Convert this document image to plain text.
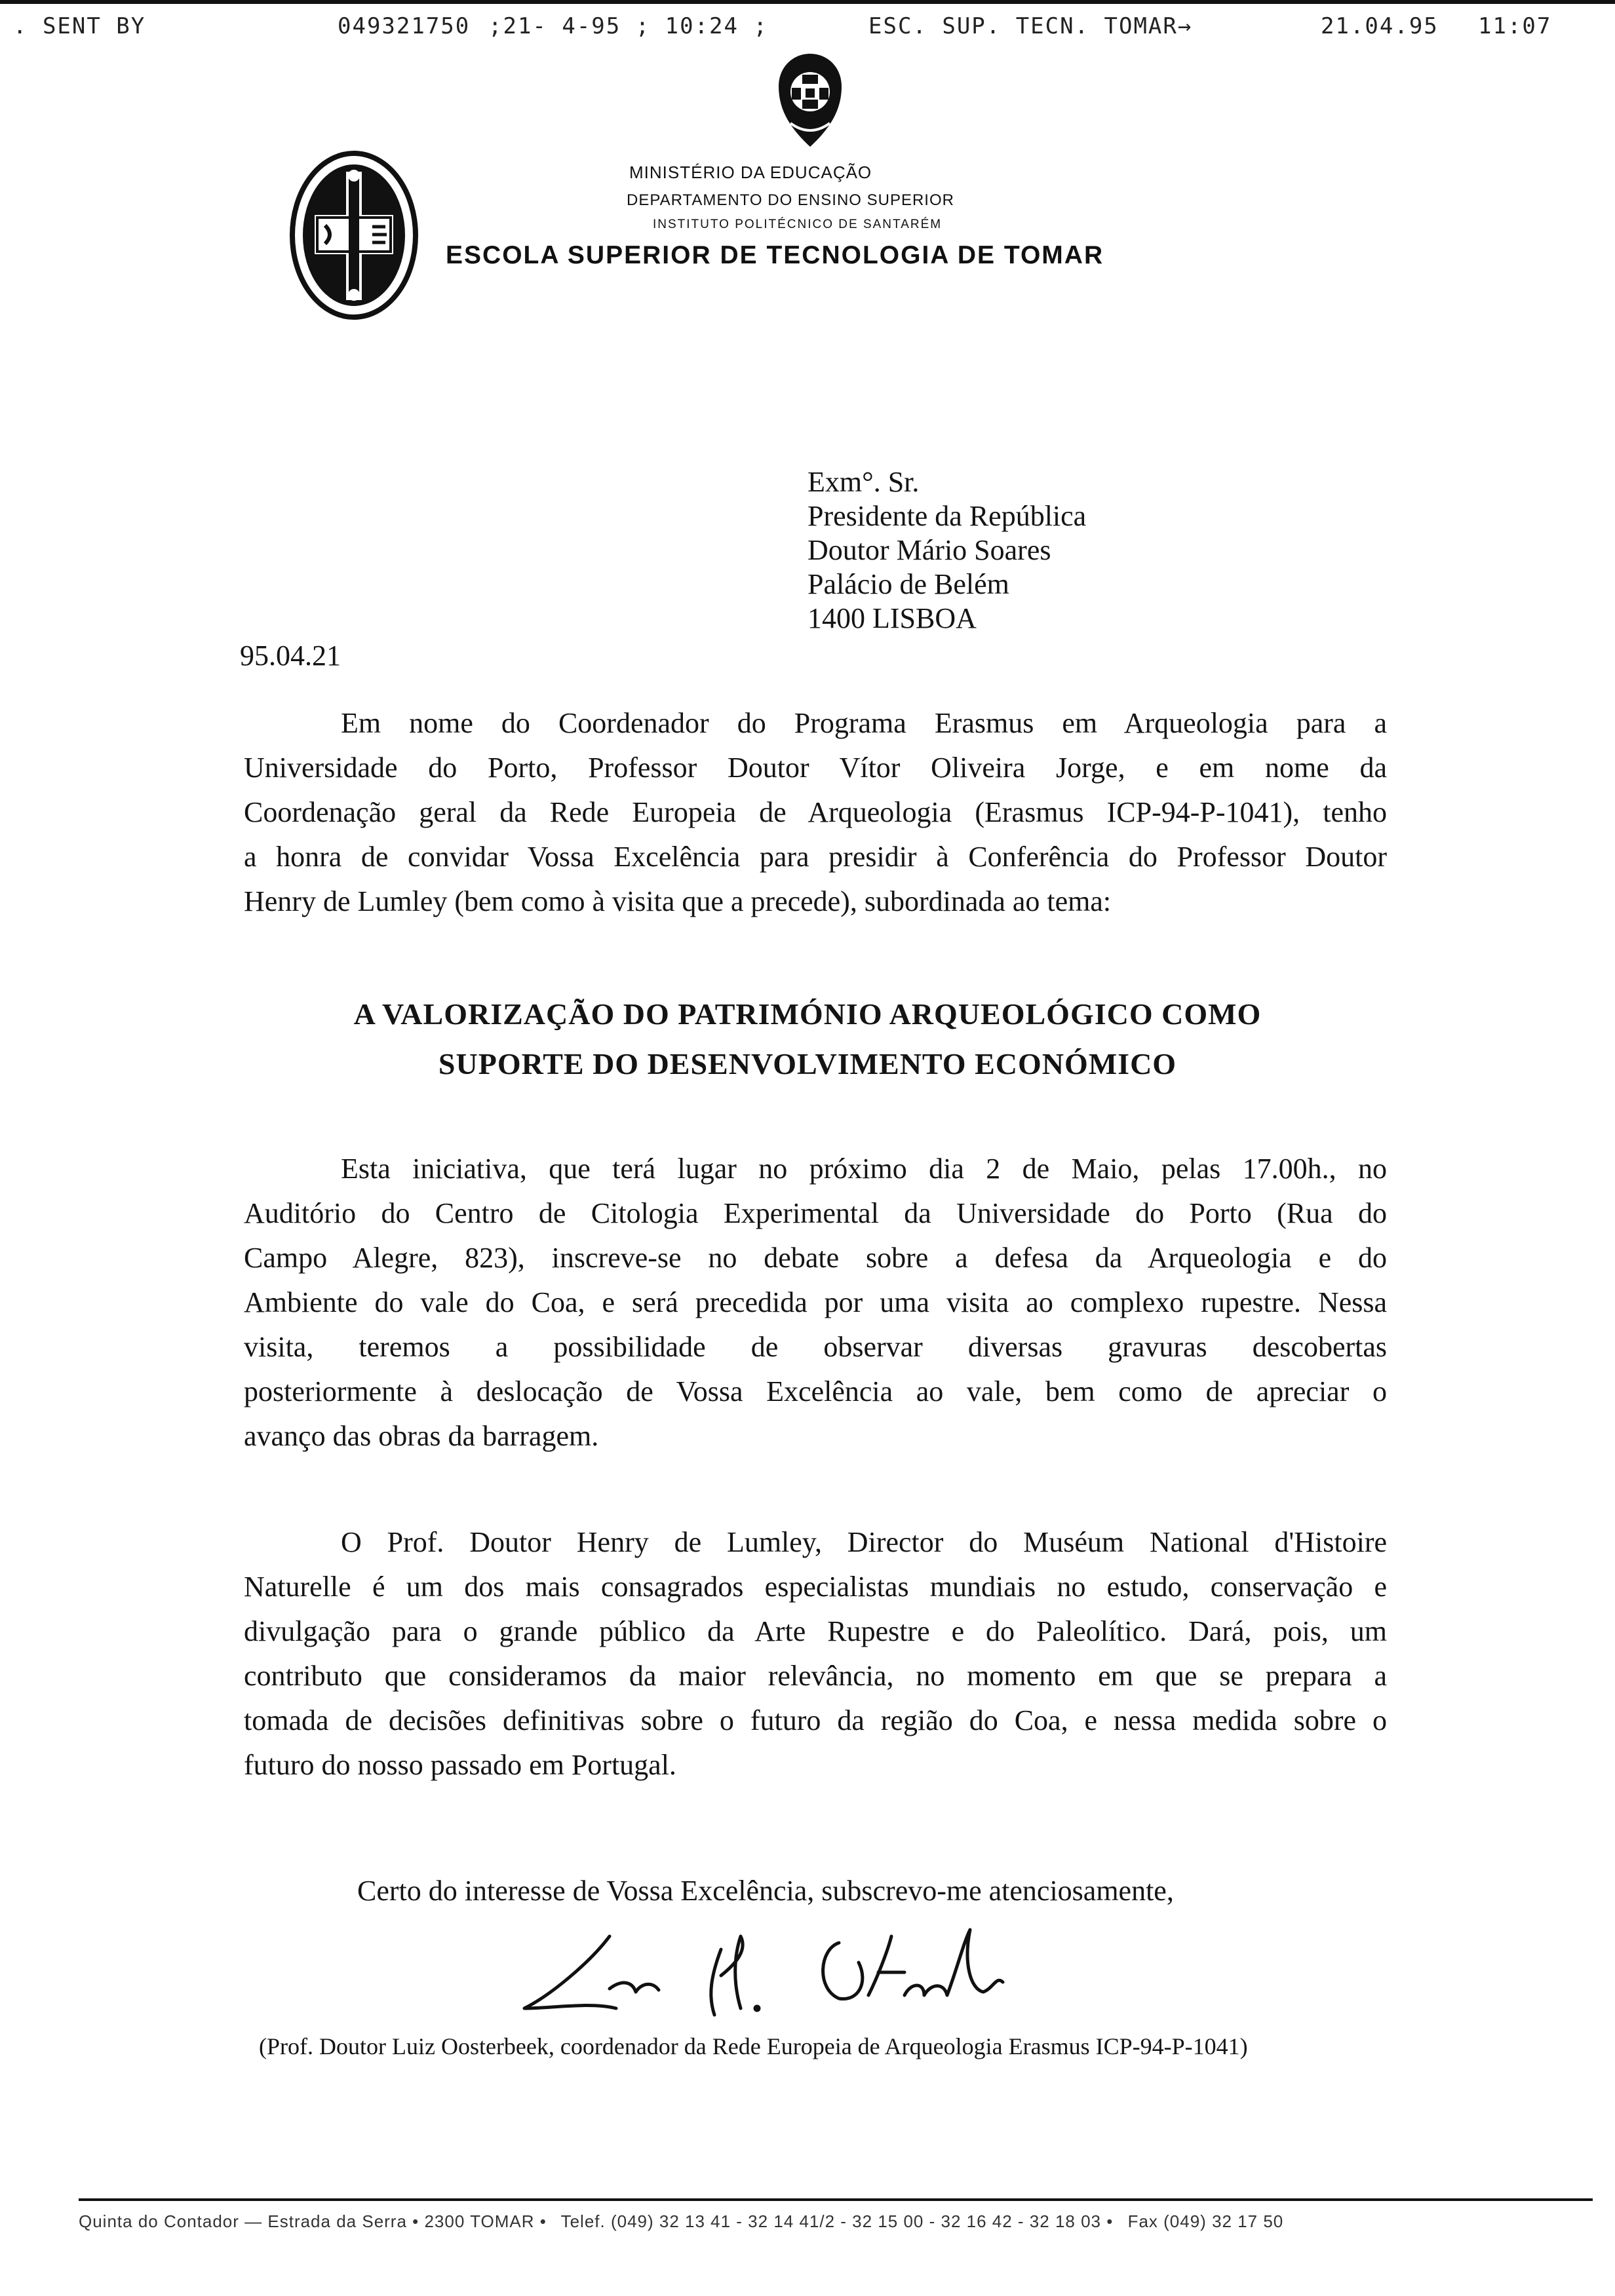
. SENT BY	049321750 ;21- 4-95 ; 10:24 ;	ESC. SUP. TECN. TOMAR→	21.04.95 11:07
MINISTÉRIO DA EDUCAÇÃO
DEPARTAMENTO DO ENSINO SUPERIOR
INSTITUTO POLITÉCNICO DE SANTARÉM
ESCOLA SUPERIOR DE TECNOLOGIA DE TOMAR
Exm°. Sr.
Presidente da República
Doutor Mário Soares
Palácio de Belém
1400 LISBOA
95.04.21
Em nome do Coordenador do Programa Erasmus em Arqueologia para a
Universidade do Porto, Professor Doutor Vítor Oliveira Jorge, e em nome da
Coordenação geral da Rede Europeia de Arqueologia (Erasmus ICP-94-P-1041), tenho
a honra de convidar Vossa Excelência para presidir à Conferência do Professor Doutor
Henry de Lumley (bem como à visita que a precede), subordinada ao tema:
A VALORIZAÇÃO DO PATRIMÓNIO ARQUEOLÓGICO COMO
SUPORTE DO DESENVOLVIMENTO ECONÓMICO
Esta iniciativa, que terá lugar no próximo dia 2 de Maio, pelas 17.00h., no
Auditório do Centro de Citologia Experimental da Universidade do Porto (Rua do
Campo Alegre, 823), inscreve-se no debate sobre a defesa da Arqueologia e do
Ambiente do vale do Coa, e será precedida por uma visita ao complexo rupestre. Nessa
visita, teremos a possibilidade de observar diversas gravuras descobertas
posteriormente à deslocação de Vossa Excelência ao vale, bem como de apreciar o
avanço das obras da barragem.
O Prof. Doutor Henry de Lumley, Director do Muséum National d'Histoire
Naturelle é um dos mais consagrados especialistas mundiais no estudo, conservação e
divulgação para o grande público da Arte Rupestre e do Paleolítico. Dará, pois, um
contributo que consideramos da maior relevância, no momento em que se prepara a
tomada de decisões definitivas sobre o futuro da região do Coa, e nessa medida sobre o
futuro do nosso passado em Portugal.
Certo do interesse de Vossa Excelência, subscrevo-me atenciosamente,
(Prof. Doutor Luiz Oosterbeek, coordenador da Rede Europeia de Arqueologia Erasmus ICP-94-P-1041)
Quinta do Contador — Estrada da Serra • 2300 TOMAR • Telef. (049) 32 13 41 - 32 14 41/2 - 32 15 00 - 32 16 42 - 32 18 03 • Fax (049) 32 17 50
